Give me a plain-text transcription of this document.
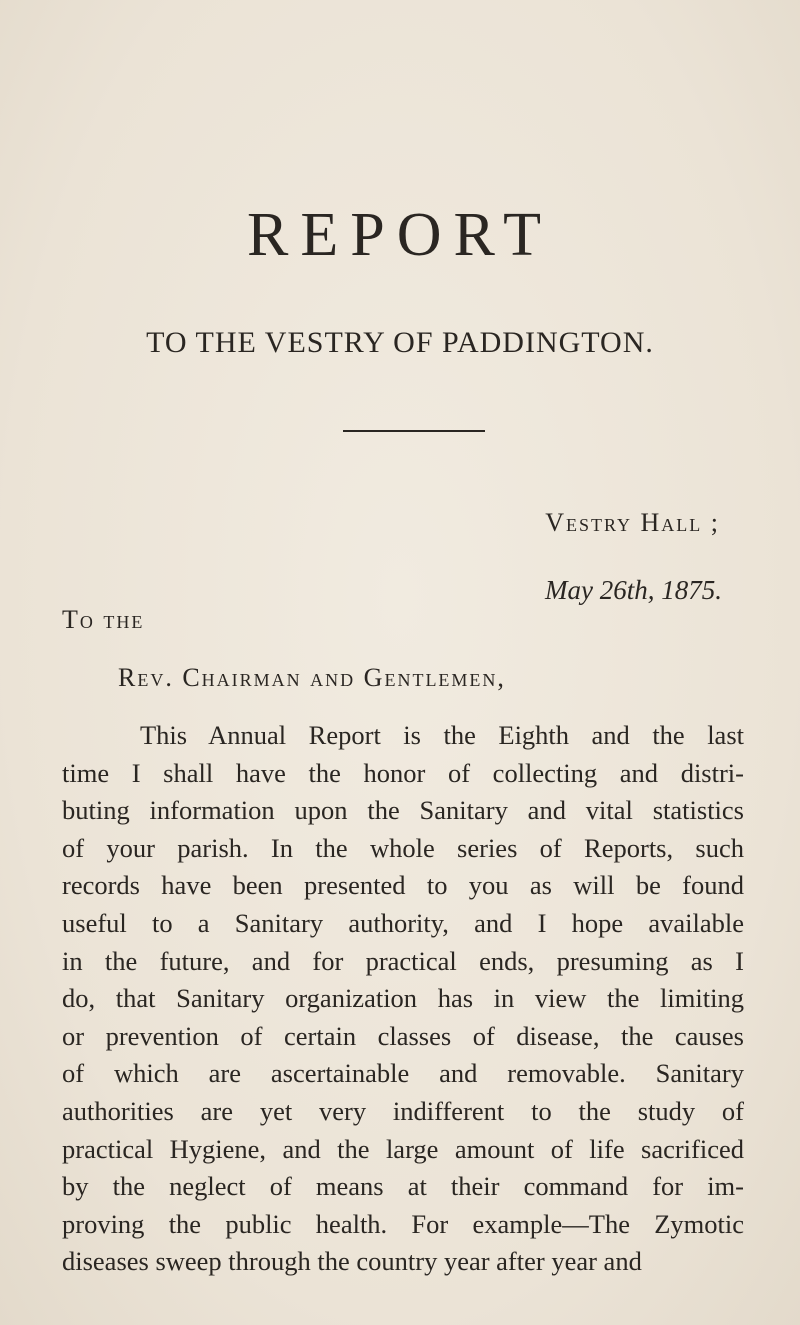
REPORT
TO THE VESTRY OF PADDINGTON.
Vestry Hall ;
May 26th, 1875.
To the
Rev. Chairman and Gentlemen,

This Annual Report is the Eighth and the last
time I shall have the honor of collecting and distri-
buting information upon the Sanitary and vital statistics
of your parish. In the whole series of Reports, such
records have been presented to you as will be found
useful to a Sanitary authority, and I hope available
in the future, and for practical ends, presuming as I
do, that Sanitary organization has in view the limiting
or prevention of certain classes of disease, the causes
of which are ascertainable and removable. Sanitary
authorities are yet very indifferent to the study of
practical Hygiene, and the large amount of life sacrificed
by the neglect of means at their command for im-
proving the public health. For example—The Zymotic
diseases sweep through the country year after year and
